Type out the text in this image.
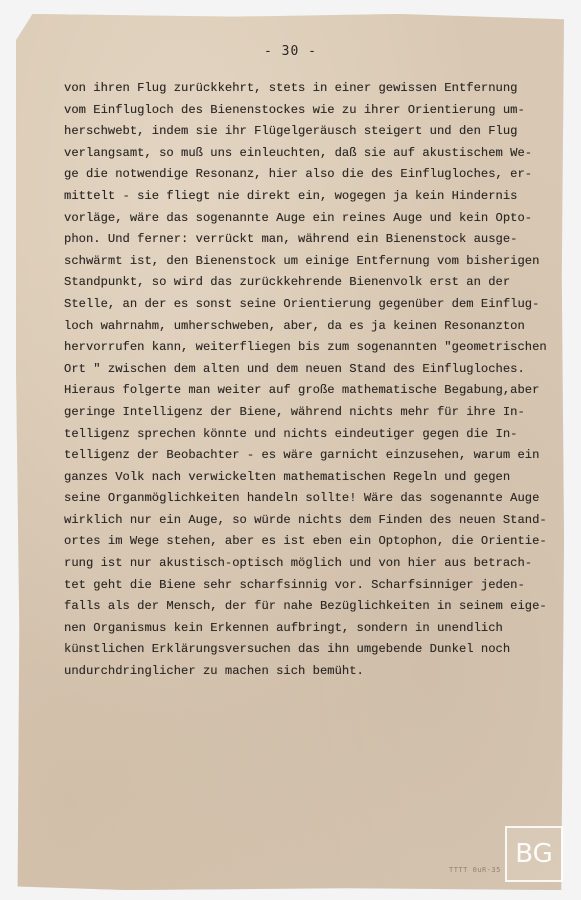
- 30 -
von ihren Flug zurückkehrt, stets in einer gewissen Entfernung
vom Einflugloch des Bienenstockes wie zu ihrer Orientierung um-
herschwebt, indem sie ihr Flügelgeräusch steigert und den Flug
verlangsamt, so muß uns einleuchten, daß sie auf akustischem We-
ge die notwendige Resonanz, hier also die des Einflugloches, er-
mittelt - sie fliegt nie direkt ein, wogegen ja kein Hindernis
vorläge, wäre das sogenannte Auge ein reines Auge und kein Opto-
phon. Und ferner: verrückt man, während ein Bienenstock ausge-
schwärmt ist, den Bienenstock um einige Entfernung vom bisherigen
Standpunkt, so wird das zurückkehrende Bienenvolk erst an der
Stelle, an der es sonst seine Orientierung gegenüber dem Einflug-
loch wahrnahm, umherschweben, aber, da es ja keinen Resonanzton
hervorrufen kann, weiterfliegen bis zum sogenannten "geometrischen
Ort " zwischen dem alten und dem neuen Stand des Einflugloches.
Hieraus folgerte man weiter auf große mathematische Begabung,aber
geringe Intelligenz der Biene, während nichts mehr für ihre In-
telligenz sprechen könnte und nichts eindeutiger gegen die In-
telligenz der Beobachter - es wäre garnicht einzusehen, warum ein
ganzes Volk nach verwickelten mathematischen Regeln und gegen
seine Organmöglichkeiten handeln sollte! Wäre das sogenannte Auge
wirklich nur ein Auge, so würde nichts dem Finden des neuen Stand-
ortes im Wege stehen, aber es ist eben ein Optophon, die Orientie-
rung ist nur akustisch-optisch möglich und von hier aus betrach-
tet geht die Biene sehr scharfsinnig vor. Scharfsinniger jeden-
falls als der Mensch, der für nahe Bezüglichkeiten in seinem eige-
nen Organismus kein Erkennen aufbringt, sondern in unendlich
künstlichen Erklärungsversuchen das ihn umgebende Dunkel noch
undurchdringlicher zu machen sich bemüht.
TTTT 0uR-35
BG
